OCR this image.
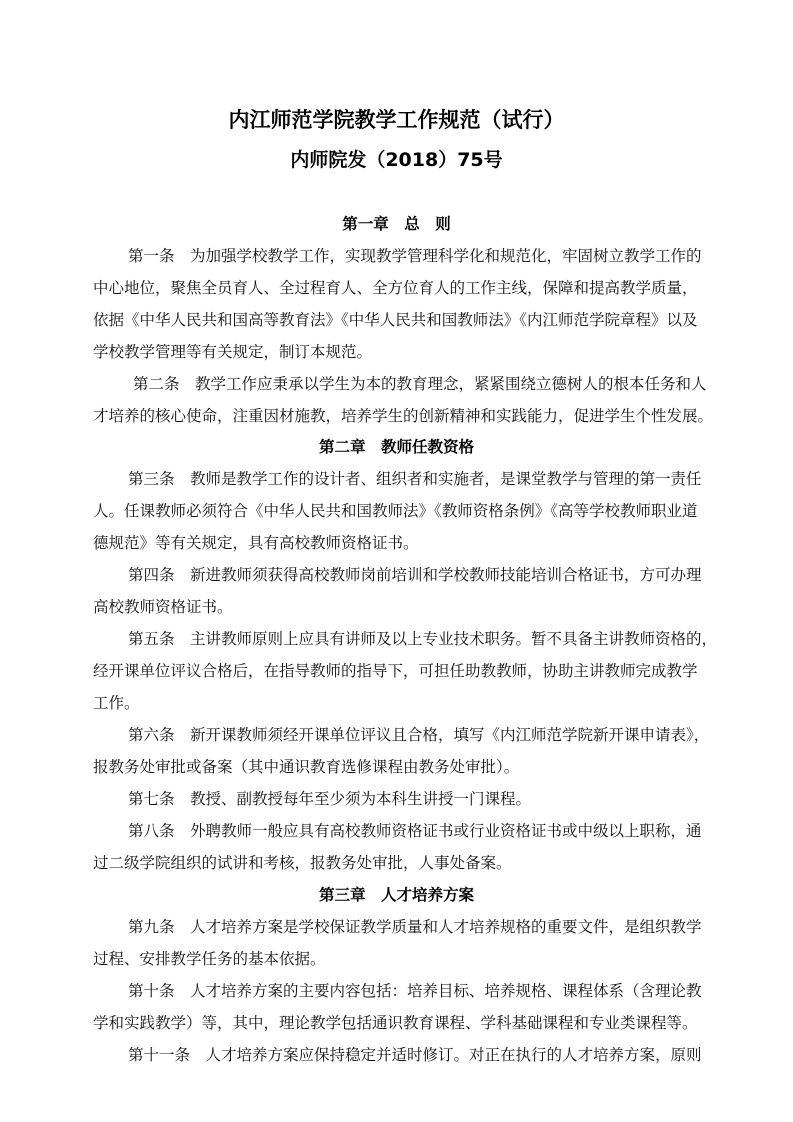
内江师范学院教学工作规范（试行）
内师院发（2018）75号
第一章　总　则
第一条　为加强学校教学工作，实现教学管理科学化和规范化，牢固树立教学工作的
中心地位，聚焦全员育人、全过程育人、全方位育人的工作主线，保障和提高教学质量，
依据《中华人民共和国高等教育法》《中华人民共和国教师法》《内江师范学院章程》以及
学校教学管理等有关规定，制订本规范。
第二条　教学工作应秉承以学生为本的教育理念，紧紧围绕立德树人的根本任务和人
才培养的核心使命，注重因材施教，培养学生的创新精神和实践能力，促进学生个性发展。
第二章　教师任教资格
第三条　教师是教学工作的设计者、组织者和实施者，是课堂教学与管理的第一责任
人。任课教师必须符合《中华人民共和国教师法》《教师资格条例》《高等学校教师职业道
德规范》等有关规定，具有高校教师资格证书。
第四条　新进教师须获得高校教师岗前培训和学校教师技能培训合格证书，方可办理
高校教师资格证书。
第五条　主讲教师原则上应具有讲师及以上专业技术职务。暂不具备主讲教师资格的，
经开课单位评议合格后，在指导教师的指导下，可担任助教教师，协助主讲教师完成教学
工作。
第六条　新开课教师须经开课单位评议且合格，填写《内江师范学院新开课申请表》，
报教务处审批或备案（其中通识教育选修课程由教务处审批）。
第七条　教授、副教授每年至少须为本科生讲授一门课程。
第八条　外聘教师一般应具有高校教师资格证书或行业资格证书或中级以上职称，通
过二级学院组织的试讲和考核，报教务处审批，人事处备案。
第三章　人才培养方案
第九条　人才培养方案是学校保证教学质量和人才培养规格的重要文件，是组织教学
过程、安排教学任务的基本依据。
第十条　人才培养方案的主要内容包括：培养目标、培养规格、课程体系（含理论教
学和实践教学）等，其中，理论教学包括通识教育课程、学科基础课程和专业类课程等。
第十一条　人才培养方案应保持稳定并适时修订。对正在执行的人才培养方案，原则
